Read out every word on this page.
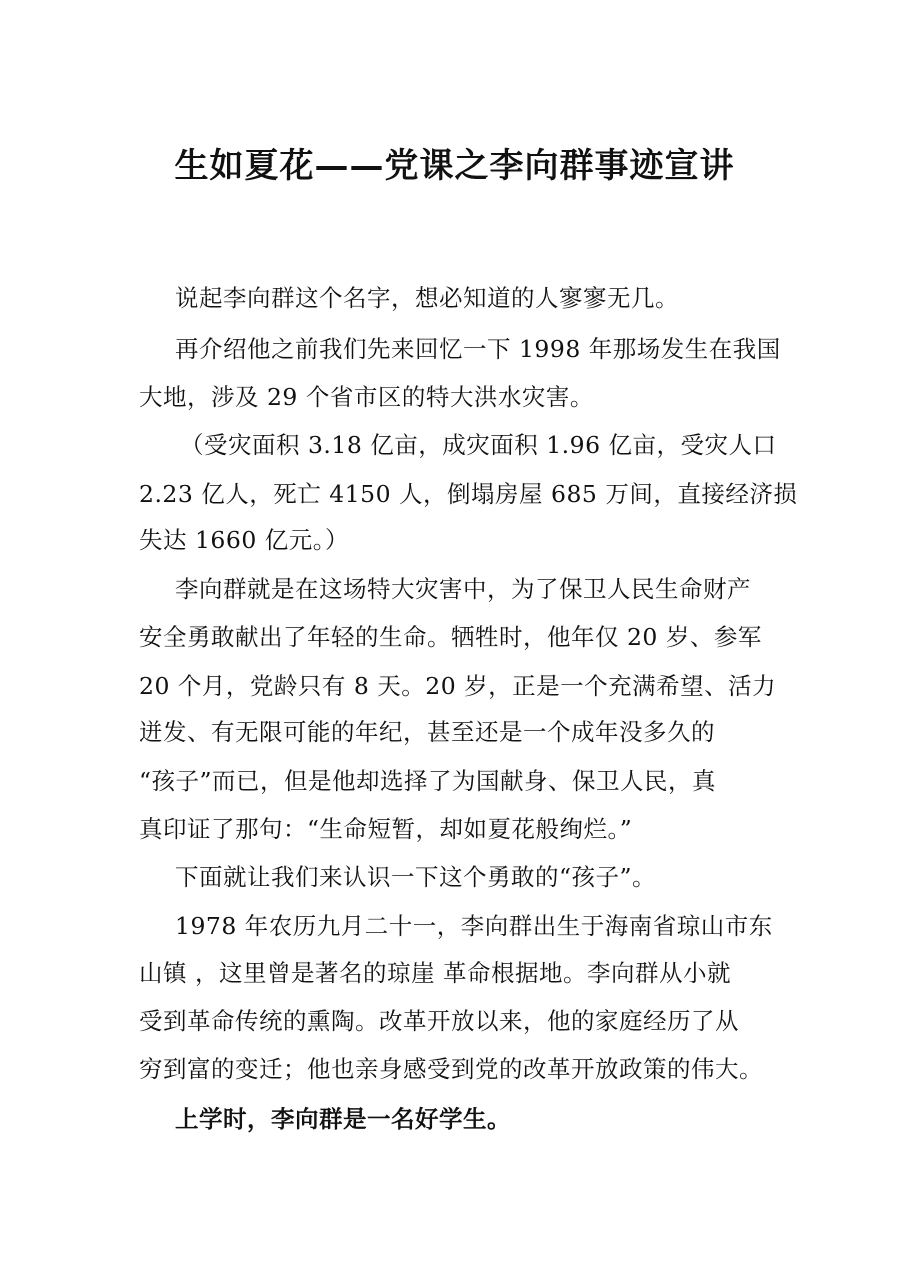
生如夏花——党课之李向群事迹宣讲
说起李向群这个名字，想必知道的人寥寥无几。
再介绍他之前我们先来回忆一下 1998 年那场发生在我国
大地，涉及 29 个省市区的特大洪水灾害。
（受灾面积 3.18 亿亩，成灾面积 1.96 亿亩，受灾人口
2.23 亿人，死亡 4150 人，倒塌房屋 685 万间，直接经济损
失达 1660 亿元。）
李向群就是在这场特大灾害中，为了保卫人民生命财产
安全勇敢献出了年轻的生命。牺牲时，他年仅 20 岁、参军
20 个月，党龄只有 8 天。20 岁，正是一个充满希望、活力
迸发、有无限可能的年纪，甚至还是一个成年没多久的
“孩子”而已，但是他却选择了为国献身、保卫人民，真
真印证了那句：“生命短暂，却如夏花般绚烂。”
下面就让我们来认识一下这个勇敢的“孩子”。
1978 年农历九月二十一，李向群出生于海南省琼山市东
山镇 ，这里曾是著名的琼崖 革命根据地。李向群从小就
受到革命传统的熏陶。改革开放以来，他的家庭经历了从
穷到富的变迁；他也亲身感受到党的改革开放政策的伟大。
上学时，李向群是一名好学生。
